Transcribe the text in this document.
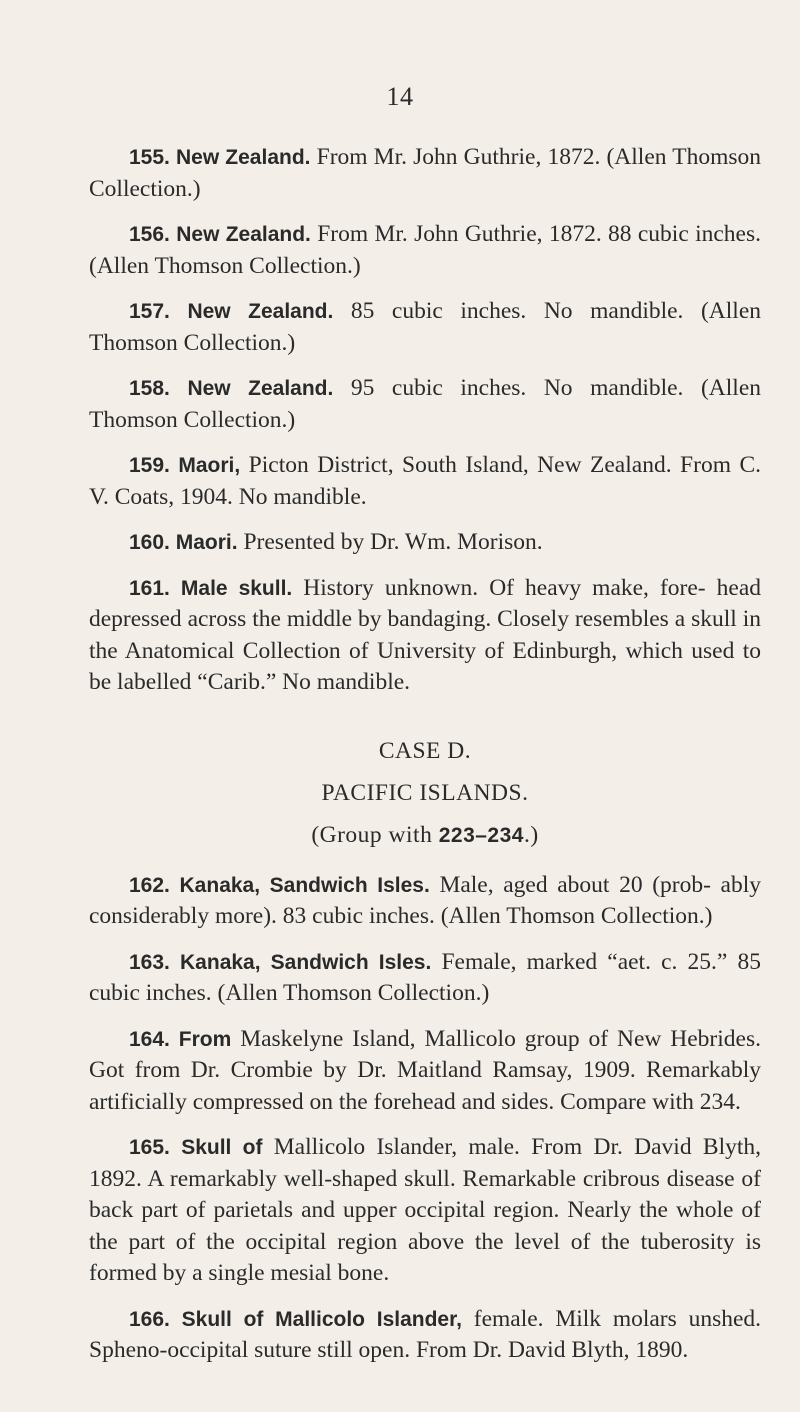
14

155. New Zealand. From Mr. John Guthrie, 1872. (Allen Thomson Collection.)

156. New Zealand. From Mr. John Guthrie, 1872. 88 cubic inches. (Allen Thomson Collection.)

157. New Zealand. 85 cubic inches. No mandible. (Allen Thomson Collection.)

158. New Zealand. 95 cubic inches. No mandible. (Allen Thomson Collection.)

159. Maori, Picton District, South Island, New Zealand. From C. V. Coats, 1904. No mandible.

160. Maori. Presented by Dr. Wm. Morison.

161. Male skull. History unknown. Of heavy make, fore- head depressed across the middle by bandaging. Closely resembles a skull in the Anatomical Collection of University of Edinburgh, which used to be labelled “Carib.” No mandible.

CASE D.
PACIFIC ISLANDS.
(Group with 223–234.)

162. Kanaka, Sandwich Isles. Male, aged about 20 (prob- ably considerably more). 83 cubic inches. (Allen Thomson Collection.)

163. Kanaka, Sandwich Isles. Female, marked “aet. c. 25.” 85 cubic inches. (Allen Thomson Collection.)

164. From Maskelyne Island, Mallicolo group of New Hebrides. Got from Dr. Crombie by Dr. Maitland Ramsay, 1909. Remarkably artificially compressed on the forehead and sides. Compare with 234.

165. Skull of Mallicolo Islander, male. From Dr. David Blyth, 1892. A remarkably well-shaped skull. Remarkable cribrous disease of back part of parietals and upper occipital region. Nearly the whole of the part of the occipital region above the level of the tuberosity is formed by a single mesial bone.

166. Skull of Mallicolo Islander, female. Milk molars unshed. Spheno-occipital suture still open. From Dr. David Blyth, 1890.
